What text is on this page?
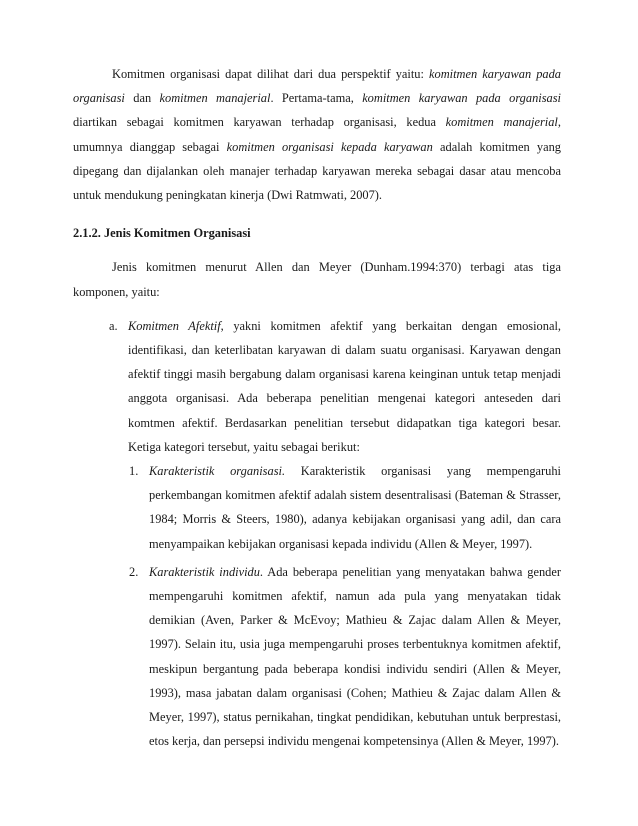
Komitmen organisasi dapat dilihat dari dua perspektif yaitu: komitmen karyawan pada organisasi dan komitmen manajerial. Pertama-tama, komitmen karyawan pada organisasi diartikan sebagai komitmen karyawan terhadap organisasi, kedua komitmen manajerial, umumnya dianggap sebagai komitmen organisasi kepada karyawan adalah komitmen yang dipegang dan dijalankan oleh manajer terhadap karyawan mereka sebagai dasar atau mencoba untuk mendukung peningkatan kinerja (Dwi Ratmwati, 2007).

2.1.2. Jenis Komitmen Organisasi

Jenis komitmen menurut Allen dan Meyer (Dunham.1994:370) terbagi atas tiga komponen, yaitu:

a. Komitmen Afektif, yakni komitmen afektif yang berkaitan dengan emosional, identifikasi, dan keterlibatan karyawan di dalam suatu organisasi. Karyawan dengan afektif tinggi masih bergabung dalam organisasi karena keinginan untuk tetap menjadi anggota organisasi. Ada beberapa penelitian mengenai kategori anteseden dari komtmen afektif. Berdasarkan penelitian tersebut didapatkan tiga kategori besar. Ketiga kategori tersebut, yaitu sebagai berikut:

1. Karakteristik organisasi. Karakteristik organisasi yang mempengaruhi perkembangan komitmen afektif adalah sistem desentralisasi (Bateman & Strasser, 1984; Morris & Steers, 1980), adanya kebijakan organisasi yang adil, dan cara menyampaikan kebijakan organisasi kepada individu (Allen & Meyer, 1997).

2. Karakteristik individu. Ada beberapa penelitian yang menyatakan bahwa gender mempengaruhi komitmen afektif, namun ada pula yang menyatakan tidak demikian (Aven, Parker & McEvoy; Mathieu & Zajac dalam Allen & Meyer, 1997). Selain itu, usia juga mempengaruhi proses terbentuknya komitmen afektif, meskipun bergantung pada beberapa kondisi individu sendiri (Allen & Meyer, 1993), masa jabatan dalam organisasi (Cohen; Mathieu & Zajac dalam Allen & Meyer, 1997), status pernikahan, tingkat pendidikan, kebutuhan untuk berprestasi, etos kerja, dan persepsi individu mengenai kompetensinya (Allen & Meyer, 1997).
